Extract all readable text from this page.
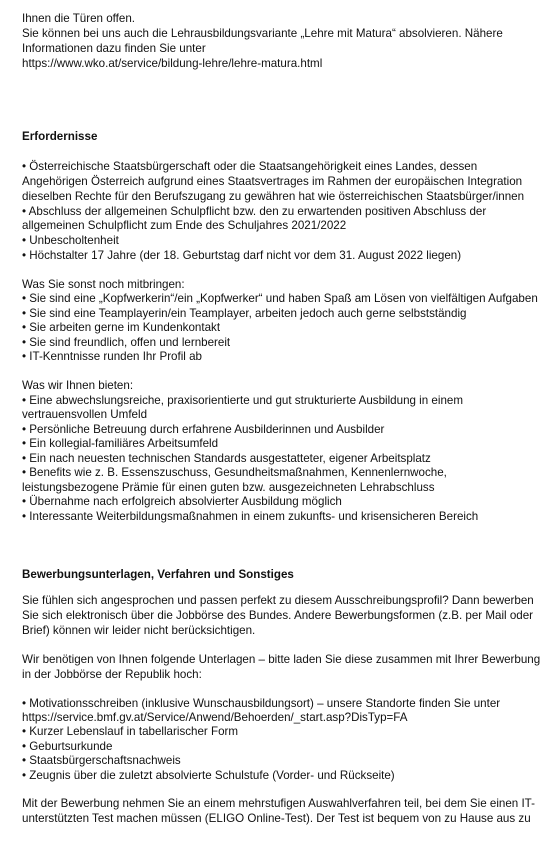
Ihnen die Türen offen.
Sie können bei uns auch die Lehrausbildungsvariante „Lehre mit Matura“ absolvieren. Nähere
Informationen dazu finden Sie unter
https://www.wko.at/service/bildung-lehre/lehre-matura.html
Erfordernisse
• Österreichische Staatsbürgerschaft oder die Staatsangehörigkeit eines Landes, dessen
Angehörigen Österreich aufgrund eines Staatsvertrages im Rahmen der europäischen Integration
dieselben Rechte für den Berufszugang zu gewähren hat wie österreichischen Staatsbürger/innen
• Abschluss der allgemeinen Schulpflicht bzw. den zu erwartenden positiven Abschluss der
allgemeinen Schulpflicht zum Ende des Schuljahres 2021/2022
• Unbescholtenheit
• Höchstalter 17 Jahre (der 18. Geburtstag darf nicht vor dem 31. August 2022 liegen)
Was Sie sonst noch mitbringen:
• Sie sind eine „Kopfwerkerin“/ein „Kopfwerker“ und haben Spaß am Lösen von vielfältigen Aufgaben
• Sie sind eine Teamplayerin/ein Teamplayer, arbeiten jedoch auch gerne selbstständig
• Sie arbeiten gerne im Kundenkontakt
• Sie sind freundlich, offen und lernbereit
• IT-Kenntnisse runden Ihr Profil ab
Was wir Ihnen bieten:
• Eine abwechslungsreiche, praxisorientierte und gut strukturierte Ausbildung in einem
vertrauensvollen Umfeld
• Persönliche Betreuung durch erfahrene Ausbilderinnen und Ausbilder
• Ein kollegial-familiäres Arbeitsumfeld
• Ein nach neuesten technischen Standards ausgestatteter, eigener Arbeitsplatz
• Benefits wie z. B. Essenszuschuss, Gesundheitsmaßnahmen, Kennenlernwoche,
leistungsbezogene Prämie für einen guten bzw. ausgezeichneten Lehrabschluss
• Übernahme nach erfolgreich absolvierter Ausbildung möglich
• Interessante Weiterbildungsmaßnahmen in einem zukunfts- und krisensicheren Bereich
Bewerbungsunterlagen, Verfahren und Sonstiges
Sie fühlen sich angesprochen und passen perfekt zu diesem Ausschreibungsprofil? Dann bewerben
Sie sich elektronisch über die Jobbörse des Bundes. Andere Bewerbungsformen (z.B. per Mail oder
Brief) können wir leider nicht berücksichtigen.
Wir benötigen von Ihnen folgende Unterlagen – bitte laden Sie diese zusammen mit Ihrer Bewerbung
in der Jobbörse der Republik hoch:
• Motivationsschreiben (inklusive Wunschausbildungsort) – unsere Standorte finden Sie unter
https://service.bmf.gv.at/Service/Anwend/Behoerden/_start.asp?DisTyp=FA
• Kurzer Lebenslauf in tabellarischer Form
• Geburtsurkunde
• Staatsbürgerschaftsnachweis
• Zeugnis über die zuletzt absolvierte Schulstufe (Vorder- und Rückseite)
Mit der Bewerbung nehmen Sie an einem mehrstufigen Auswahlverfahren teil, bei dem Sie einen IT-
unterstützten Test machen müssen (ELIGO Online-Test). Der Test ist bequem von zu Hause aus zu
